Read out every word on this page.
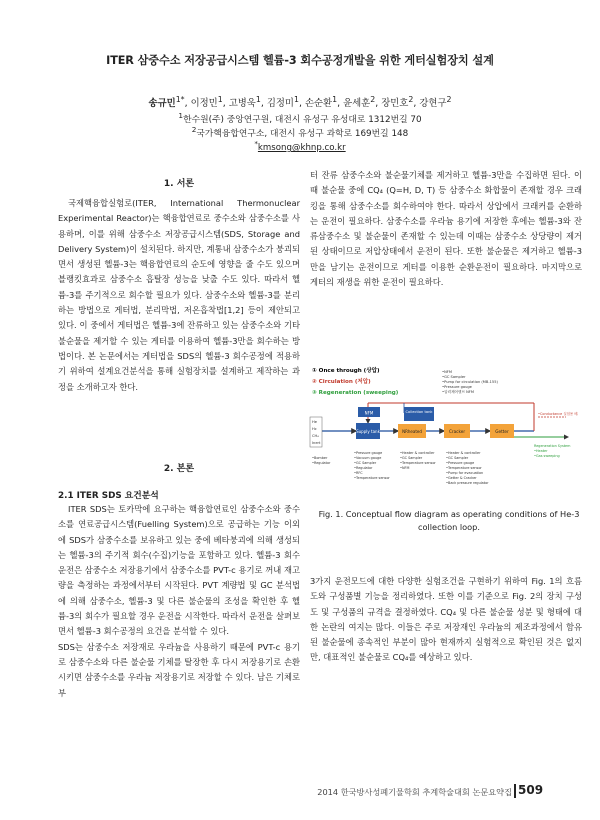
ITER 삼중수소 저장공급시스템 헬륨-3 회수공정개발을 위한 게터실험장치 설계
송규민$^{1*}$, 이정민$^1$, 고병욱$^1$, 김정미$^1$, 손순환$^1$, 윤세훈$^2$, 장민호$^2$, 강현구$^2$
$^1$한수원(주) 중앙연구원, 대전시 유성구 유성대로 1312번길 70
$^2$국가핵융합연구소, 대전시 유성구 과학로 169번길 148
*kmsong@khnp.co.kr
1. 서론

국제핵융합실험로(ITER, International Thermonuclear Experimental Reactor)는 핵융합연료로 중수소와 삼중수소를 사용하며, 이를 위해 삼중수소 저장공급시스템(SDS, Storage and Delivery System)이 설치된다. 하지만, 계통내 삼중수소가 붕괴되면서 생성된 헬륨-3는 핵융합연료의 순도에 영향을 줄 수도 있으며 블랭킷효과로 삼중수소 흡탈장 성능을 낮출 수도 있다. 따라서 헬륨-3를 주기적으로 회수할 필요가 있다. 삼중수소와 헬륨-3를 분리하는 방법으로 게터법, 분리막법, 저온흡착법[1,2] 등이 제안되고 있다. 이 중에서 게터법은 헬륨-3에 잔류하고 있는 삼중수소와 기타 불순물을 제거할 수 있는 게터를 이용하여 헬륨-3만을 회수하는 방법이다. 본 논문에서는 게터법을 SDS의 헬륨-3 회수공정에 적용하기 위하여 설계요건분석을 통해 실험장치를 설계하고 제작하는 과정을 소개하고자 한다.

2. 본론
2.1 ITER SDS 요건분석

ITER SDS는 토카막에 요구하는 핵융합연료인 삼중수소와 중수소를 연료공급시스템(Fuelling System)으로 공급하는 기능 이외에 SDS가 삼중수소를 보유하고 있는 중에 베타붕괴에 의해 생성되는 헬륨-3의 주기적 회수(수집)기능을 포함하고 있다. 헬륨-3 회수운전은 삼중수소 저장용기에서 삼중수소를 PVT-c 용기로 꺼내 재고량을 측정하는 과정에서부터 시작된다. PVT 계량법 및 GC 분석법에 의해 삼중수소, 헬륨-3 및 다른 불순물의 조성을 확인한 후 헬륨-3의 회수가 필요할 경우 운전을 시작한다. 따라서 운전을 살펴보면서 헬륨-3 회수공정의 요건을 분석할 수 있다.

SDS는 삼중수소 저장재로 우라늄을 사용하기 때문에 PVT-c 용기로 삼중수소와 다른 불순물 기체를 탈장한 후 다시 저장용기로 손환시키면 삼중수소를 우라늄 저장용기로 저장할 수 있다. 남은 기체로부

터 잔류 삼중수소와 불순물기체를 제거하고 헬륨-3만을 수집하면 된다. 이때 불순물 중에 CQ₄ (Q=H, D, T) 등 삼중수소 화합물이 존재할 경우 크래킹을 통해 삼중수소를 회수하여야 한다. 따라서 상압에서 크래커를 순환하는 운전이 필요하다. 삼중수소를 우라늄 용기에 저장한 후에는 헬륨-3와 잔류삼중수소 및 불순물이 존재할 수 있는데 이때는 삼중수소 상당량이 제거된 상태이므로 저압상태에서 운전이 된다. 또한 불순물은 제거하고 헬륨-3만을 남기는 운전이므로 게터를 이용한 순환운전이 필요하다. 마지막으로 게터의 재생을 위한 운전이 필요하다.

① Once through (상압)
② Circulation (저압)
③ Regeneration (sweeping)
•NFM
•GC Sampler
•Pump for circulation (MB-155)
•Pressure gauge
•압력제어밸브 NFM
NFM	Collection tank
Supply tank	NRheated	Cracker	Getter
He
Hc
CH₄
Inert
•Bomber
•Regulator
•Pressure gauge
•Vacuum gauge
•GC Sampler
•Regulator
•RFC
•Temperature sensor
•Heater & controller
•GC Sampler
•Temperature sensor
•NFM
•Heater & controller
•GC Sampler
•Pressure gauge
•Temperature sensor
•Pump for evacuation
•Getter & Cracker
•Back pressure regulator
•Conductance 실험용 배관
Regeneration System
•Heater
•Gas sweeping
Fig. 1. Conceptual flow diagram as operating conditions of He-3 collection loop.

3가지 운전모드에 대한 다양한 실험조건을 구현하기 위하여 Fig. 1의 흐름도와 구성품별 기능을 정리하였다. 또한 이를 기준으로 Fig. 2의 장치 구성도 및 구성품의 규격을 결정하였다. CQ₄ 및 다른 불순물 성분 및 형태에 대한 논란의 여지는 많다. 이들은 주로 저장재인 우라늄의 제조과정에서 함유된 불순물에 종속적인 부분이 많아 현재까지 실험적으로 확인된 것은 없지만, 대표적인 불순물로 CQ₄를 예상하고 있다.

2014 한국방사성폐기물학회 추계학술대회 논문요약집 509
